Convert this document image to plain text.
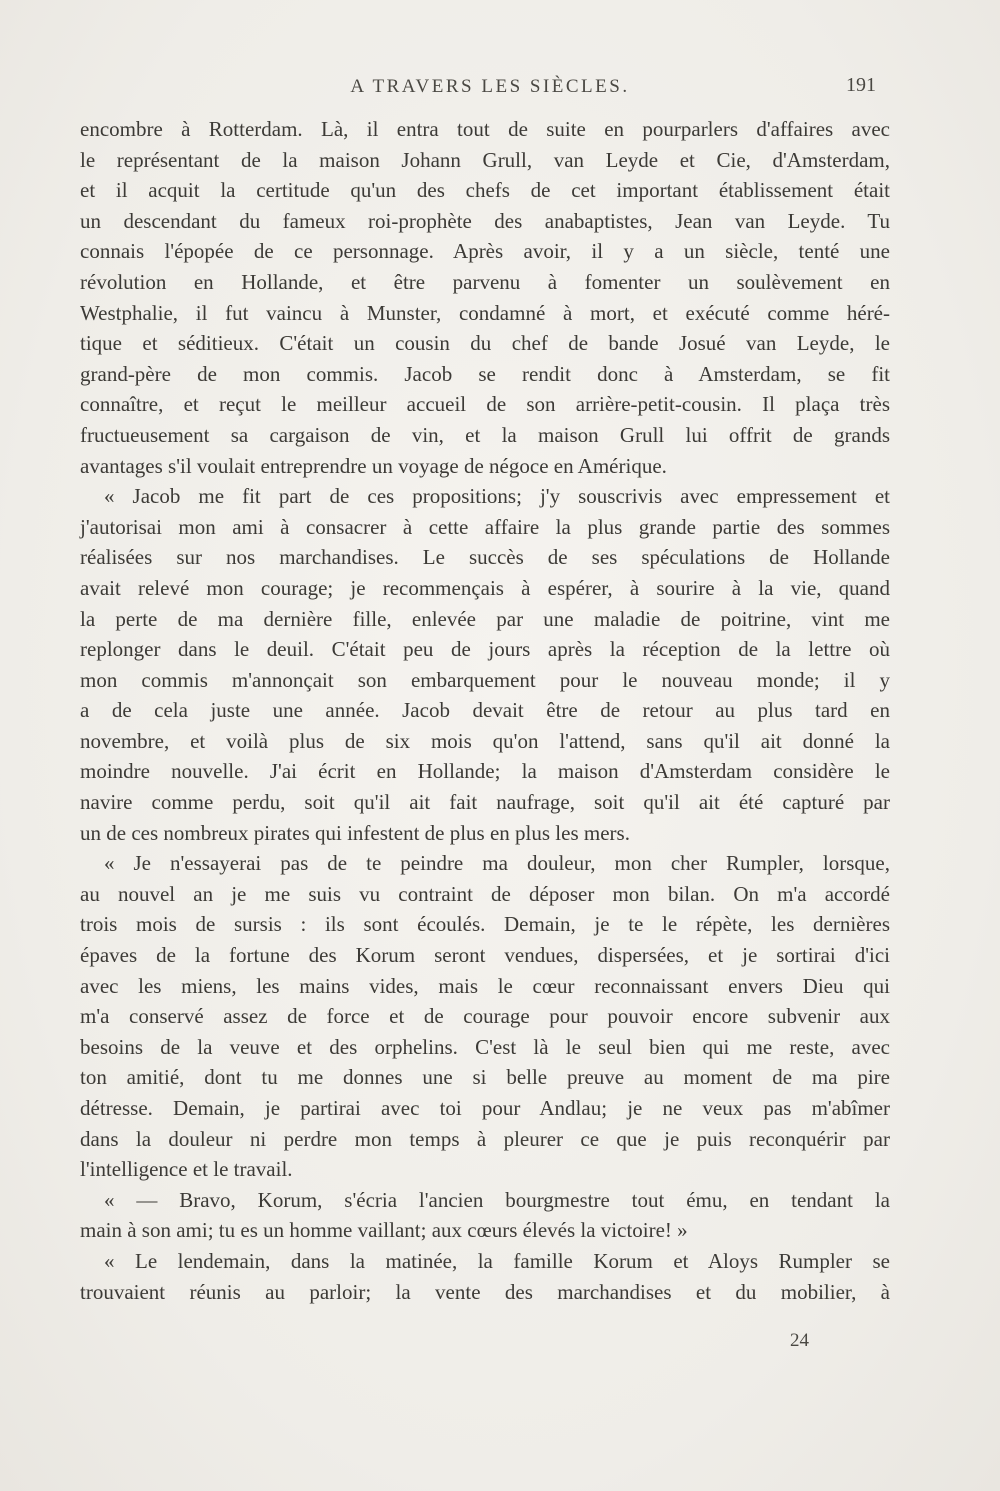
A TRAVERS LES SIÈCLES.	191
encombre à Rotterdam. Là, il entra tout de suite en pourparlers d'affaires avec
le représentant de la maison Johann Grull, van Leyde et Cie, d'Amsterdam,
et il acquit la certitude qu'un des chefs de cet important établissement était
un descendant du fameux roi-prophète des anabaptistes, Jean van Leyde. Tu
connais l'épopée de ce personnage. Après avoir, il y a un siècle, tenté une
révolution en Hollande, et être parvenu à fomenter un soulèvement en
Westphalie, il fut vaincu à Munster, condamné à mort, et exécuté comme héré-
tique et séditieux. C'était un cousin du chef de bande Josué van Leyde, le
grand-père de mon commis. Jacob se rendit donc à Amsterdam, se fit
connaître, et reçut le meilleur accueil de son arrière-petit-cousin. Il plaça très
fructueusement sa cargaison de vin, et la maison Grull lui offrit de grands
avantages s'il voulait entreprendre un voyage de négoce en Amérique.
« Jacob me fit part de ces propositions; j'y souscrivis avec empressement et
j'autorisai mon ami à consacrer à cette affaire la plus grande partie des sommes
réalisées sur nos marchandises. Le succès de ses spéculations de Hollande
avait relevé mon courage; je recommençais à espérer, à sourire à la vie, quand
la perte de ma dernière fille, enlevée par une maladie de poitrine, vint me
replonger dans le deuil. C'était peu de jours après la réception de la lettre où
mon commis m'annonçait son embarquement pour le nouveau monde; il y
a de cela juste une année. Jacob devait être de retour au plus tard en
novembre, et voilà plus de six mois qu'on l'attend, sans qu'il ait donné la
moindre nouvelle. J'ai écrit en Hollande; la maison d'Amsterdam considère le
navire comme perdu, soit qu'il ait fait naufrage, soit qu'il ait été capturé par
un de ces nombreux pirates qui infestent de plus en plus les mers.
« Je n'essayerai pas de te peindre ma douleur, mon cher Rumpler, lorsque,
au nouvel an je me suis vu contraint de déposer mon bilan. On m'a accordé
trois mois de sursis : ils sont écoulés. Demain, je te le répète, les dernières
épaves de la fortune des Korum seront vendues, dispersées, et je sortirai d'ici
avec les miens, les mains vides, mais le cœur reconnaissant envers Dieu qui
m'a conservé assez de force et de courage pour pouvoir encore subvenir aux
besoins de la veuve et des orphelins. C'est là le seul bien qui me reste, avec
ton amitié, dont tu me donnes une si belle preuve au moment de ma pire
détresse. Demain, je partirai avec toi pour Andlau; je ne veux pas m'abîmer
dans la douleur ni perdre mon temps à pleurer ce que je puis reconquérir par
l'intelligence et le travail.
« — Bravo, Korum, s'écria l'ancien bourgmestre tout ému, en tendant la
main à son ami; tu es un homme vaillant; aux cœurs élevés la victoire! »
« Le lendemain, dans la matinée, la famille Korum et Aloys Rumpler se
trouvaient réunis au parloir; la vente des marchandises et du mobilier, à
24
